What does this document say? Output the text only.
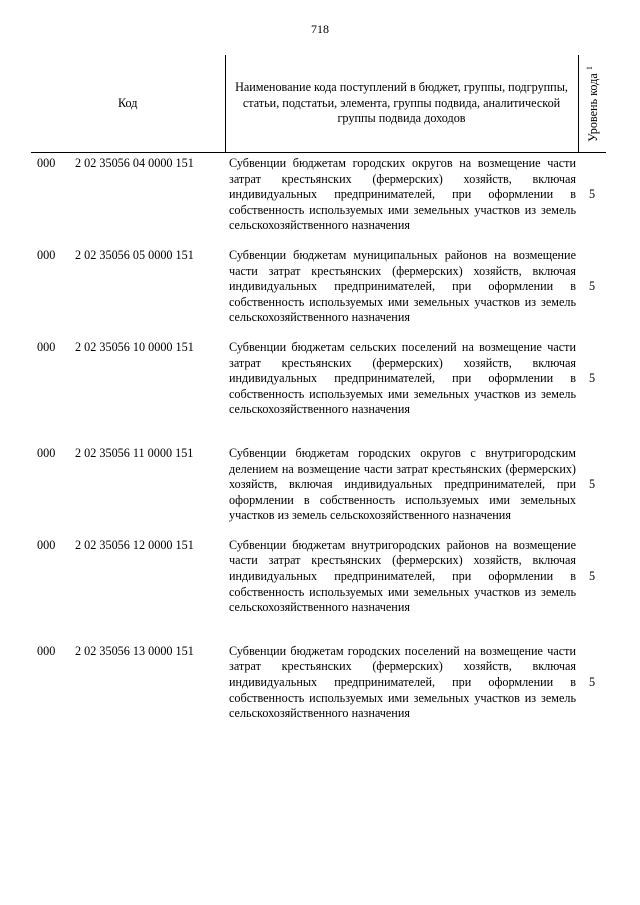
718
Код		Наименование кода поступлений в бюджет, группы, подгруппы, статьи, подстатьи, элемента, группы подвида, аналитической группы подвида доходов	Уровень кода $^1$

000	2 02 35056 04 0000 151	Субвенции бюджетам городских округов на возмещение части затрат крестьянских (фермерских) хозяйств, включая индивидуальных предпринимателей, при оформлении в собственность используемых ими земельных участков из земель сельскохозяйственного назначения	5
000	2 02 35056 05 0000 151	Субвенции бюджетам муниципальных районов на возмещение части затрат крестьянских (фермерских) хозяйств, включая индивидуальных предпринимателей, при оформлении в собственность используемых ими земельных участков из земель сельскохозяйственного назначения	5
000	2 02 35056 10 0000 151	Субвенции бюджетам сельских поселений на возмещение части затрат крестьянских (фермерских) хозяйств, включая индивидуальных предпринимателей, при оформлении в собственность используемых ими земельных участков из земель сельскохозяйственного назначения	5
000	2 02 35056 11 0000 151	Субвенции бюджетам городских округов с внутригородским делением на возмещение части затрат крестьянских (фермерских) хозяйств, включая индивидуальных предпринимателей, при оформлении в собственность используемых ими земельных участков из земель сельскохозяйственного назначения	5
000	2 02 35056 12 0000 151	Субвенции бюджетам внутригородских районов на возмещение части затрат крестьянских (фермерских) хозяйств, включая индивидуальных предпринимателей, при оформлении в собственность используемых ими земельных участков из земель сельскохозяйственного назначения	5
000	2 02 35056 13 0000 151	Субвенции бюджетам городских поселений на возмещение части затрат крестьянских (фермерских) хозяйств, включая индивидуальных предпринимателей, при оформлении в собственность используемых ими земельных участков из земель сельскохозяйственного назначения	5
